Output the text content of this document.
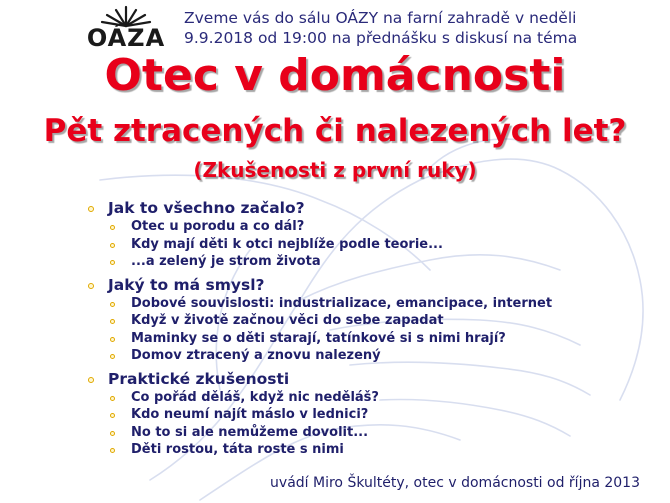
OÁZA
Zveme vás do sálu OÁZY na farní zahradě v neděli
9.9.2018 od 19:00 na přednášku s diskusí na téma
Otec v domácnosti
Pět ztracených či nalezených let?
(Zkušenosti z první ruky)
Jak to všechno začalo?
Otec u porodu a co dál?
Kdy mají děti k otci nejblíže podle teorie...
...a zelený je strom života
Jaký to má smysl?
Dobové souvislosti: industrializace, emancipace, internet
Když v životě začnou věci do sebe zapadat
Maminky se o děti starají, tatínkové si s nimi hrají?
Domov ztracený a znovu nalezený
Praktické zkušenosti
Co pořád děláš, když nic neděláš?
Kdo neumí najít máslo v lednici?
No to si ale nemůžeme dovolit...
Děti rostou, táta roste s nimi
uvádí Miro Škultéty, otec v domácnosti od října 2013
